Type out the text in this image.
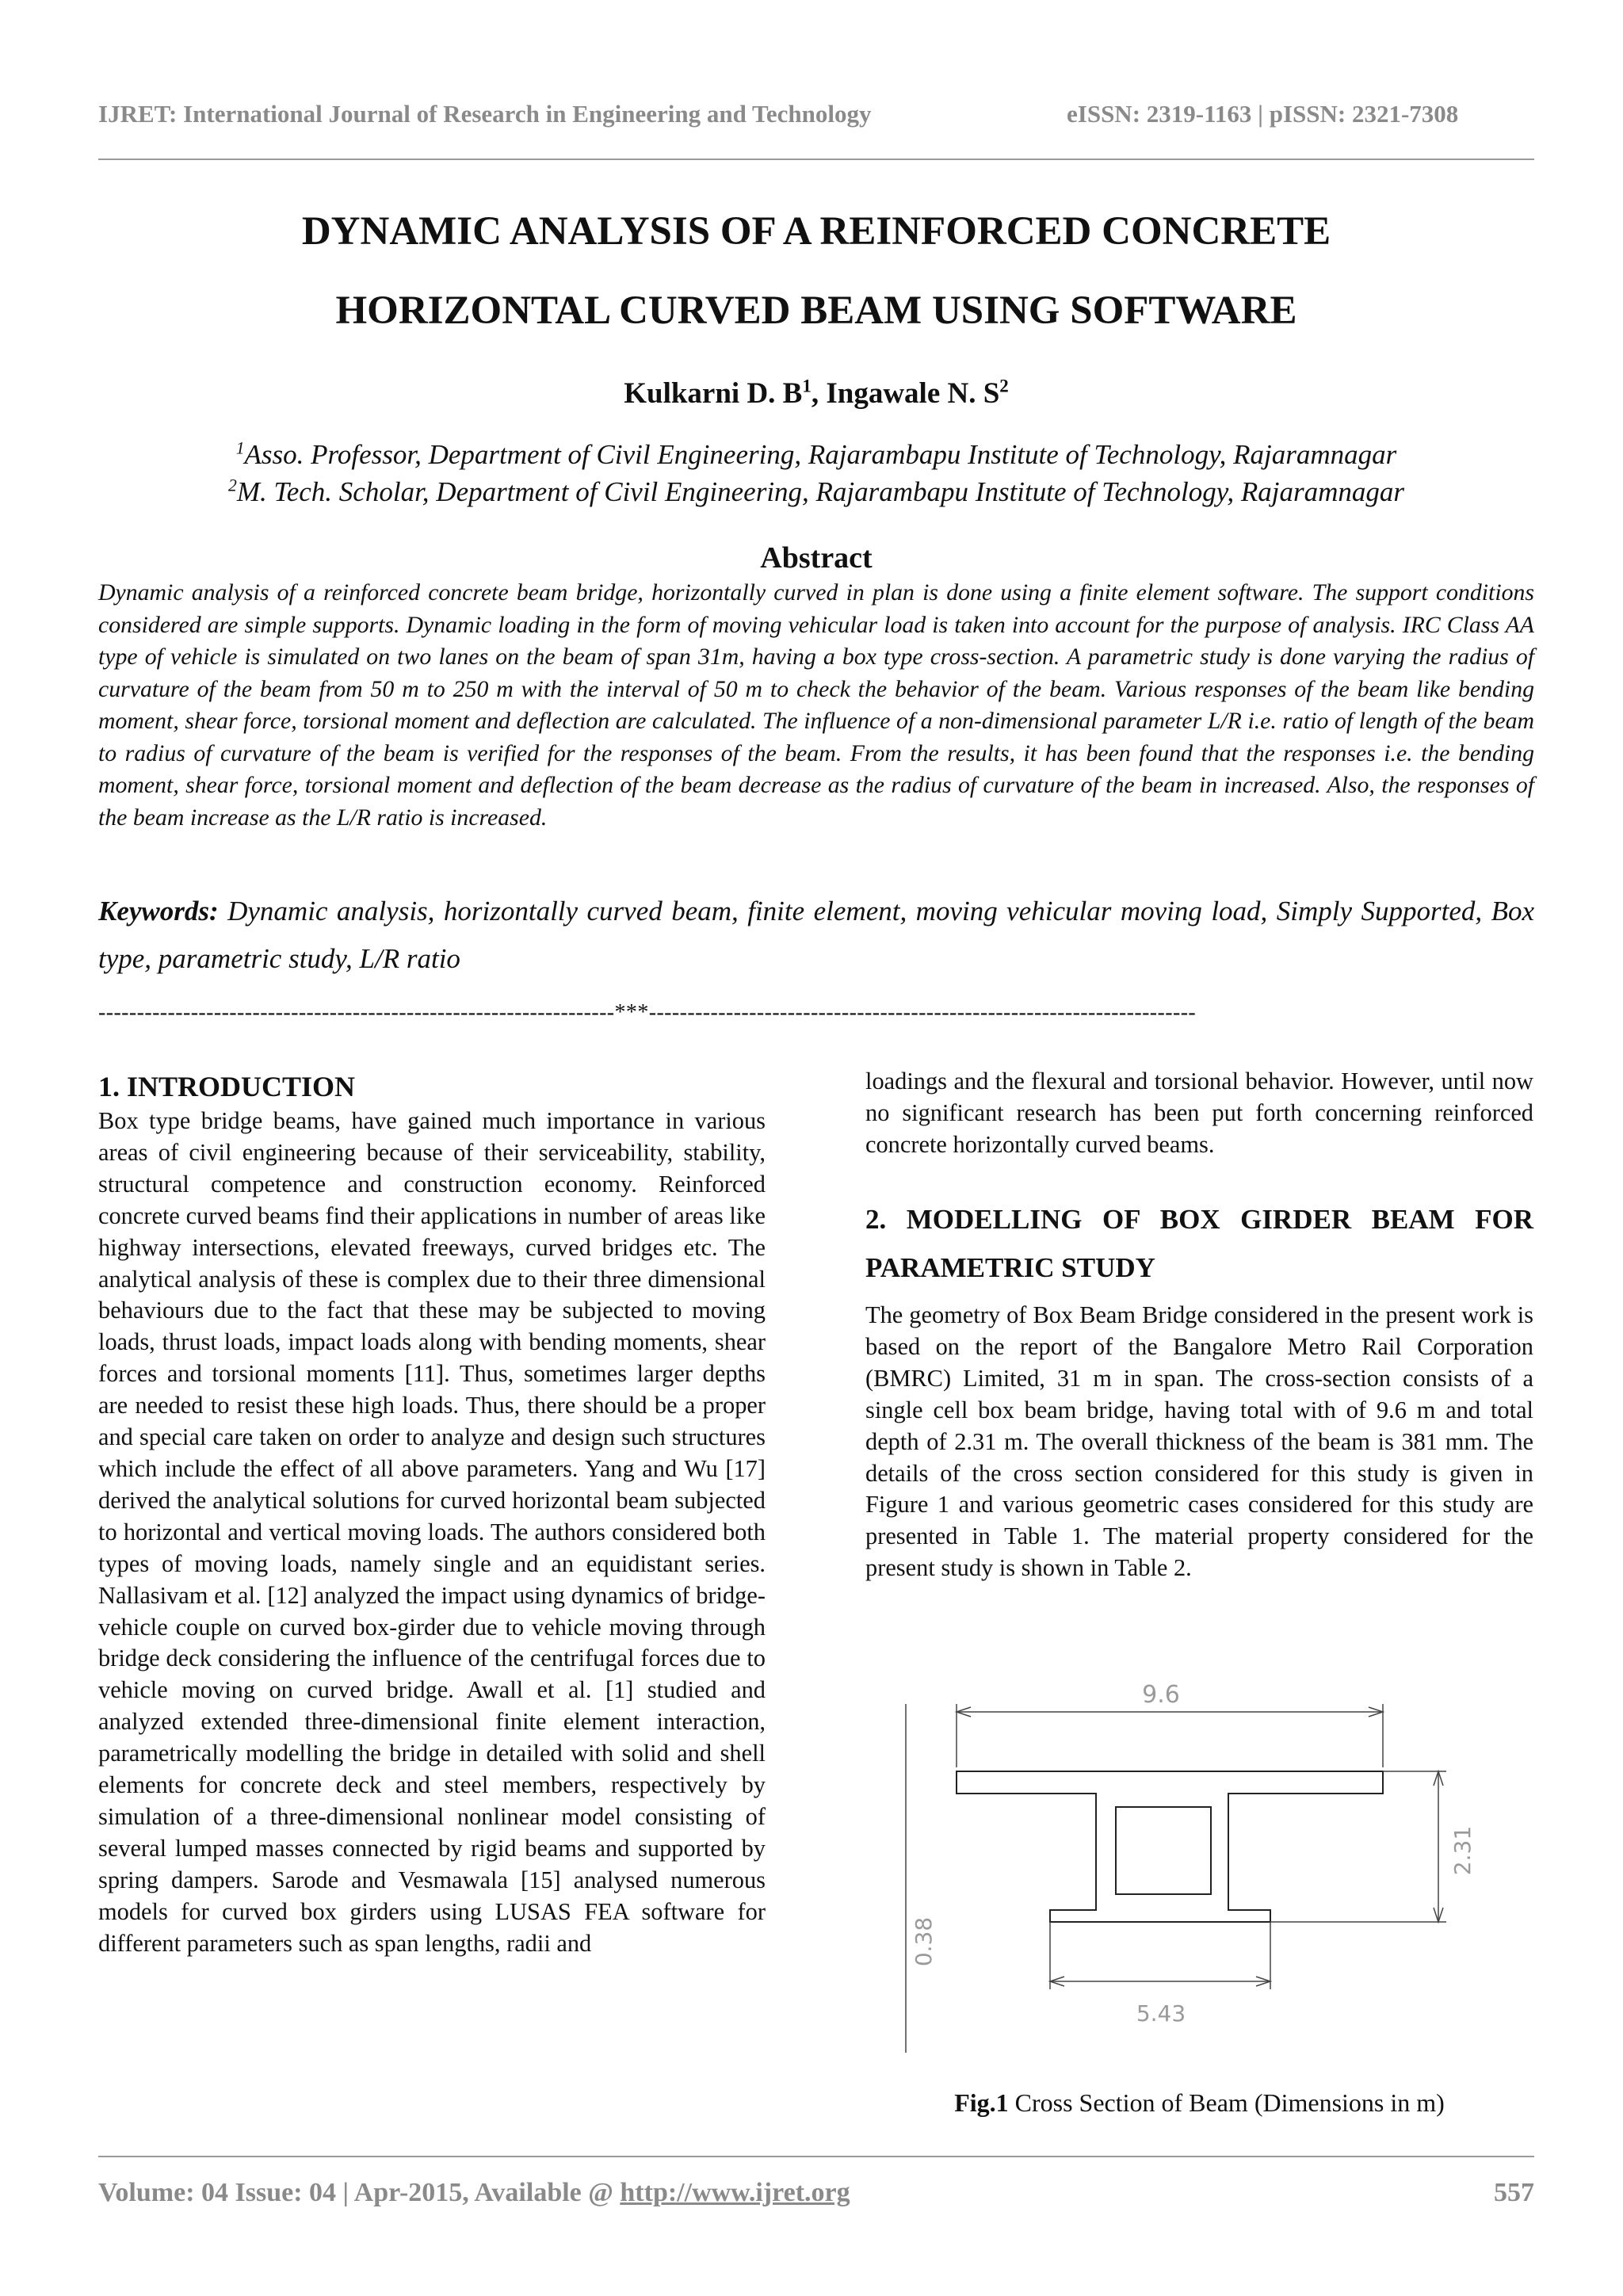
IJRET: International Journal of Research in Engineering and Technology	eISSN: 2319-1163 | pISSN: 2321-7308
DYNAMIC ANALYSIS OF A REINFORCED CONCRETE
HORIZONTAL CURVED BEAM USING SOFTWARE
Kulkarni D. $B^1$, Ingawale N. $S^2$
$^1$Asso. Professor, Department of Civil Engineering, Rajarambapu Institute of Technology, Rajaramnagar
$^2$M. Tech. Scholar, Department of Civil Engineering, Rajarambapu Institute of Technology, Rajaramnagar
Abstract
Dynamic analysis of a reinforced concrete beam bridge, horizontally curved in plan is done using a finite element software. The support conditions considered are simple supports. Dynamic loading in the form of moving vehicular load is taken into account for the purpose of analysis. IRC Class AA type of vehicle is simulated on two lanes on the beam of span 31m, having a box type cross-section. A parametric study is done varying the radius of curvature of the beam from 50 m to 250 m with the interval of 50 m to check the behavior of the beam. Various responses of the beam like bending moment, shear force, torsional moment and deflection are calculated. The influence of a non-dimensional parameter L/R i.e. ratio of length of the beam to radius of curvature of the beam is verified for the responses of the beam. From the results, it has been found that the responses i.e. the bending moment, shear force, torsional moment and deflection of the beam decrease as the radius of curvature of the beam in increased. Also, the responses of the beam increase as the L/R ratio is increased.
Keywords: Dynamic analysis, horizontally curved beam, finite element, moving vehicular moving load, Simply Supported, Box type, parametric study, L/R ratio
-------------------------------------------------------------------***-----------------------------------------------------------------------
1. INTRODUCTION
Box type bridge beams, have gained much importance in various areas of civil engineering because of their serviceability, stability, structural competence and construction economy. Reinforced concrete curved beams find their applications in number of areas like highway intersections, elevated freeways, curved bridges etc. The analytical analysis of these is complex due to their three dimensional behaviours due to the fact that these may be subjected to moving loads, thrust loads, impact loads along with bending moments, shear forces and torsional moments [11]. Thus, sometimes larger depths are needed to resist these high loads. Thus, there should be a proper and special care taken on order to analyze and design such structures which include the effect of all above parameters. Yang and Wu [17] derived the analytical solutions for curved horizontal beam subjected to horizontal and vertical moving loads. The authors considered both types of moving loads, namely single and an equidistant series. Nallasivam et al. [12] analyzed the impact using dynamics of bridge-vehicle couple on curved box-girder due to vehicle moving through bridge deck considering the influence of the centrifugal forces due to vehicle moving on curved bridge. Awall et al. [1] studied and analyzed extended three-dimensional finite element interaction, parametrically modelling the bridge in detailed with solid and shell elements for concrete deck and steel members, respectively by simulation of a three-dimensional nonlinear model consisting of several lumped masses connected by rigid beams and supported by spring dampers. Sarode and Vesmawala [15] analysed numerous models for curved box girders using LUSAS FEA software for different parameters such as span lengths, radii and
loadings and the flexural and torsional behavior. However, until now no significant research has been put forth concerning reinforced concrete horizontally curved beams.
2. MODELLING OF BOX GIRDER BEAM FOR
PARAMETRIC STUDY
The geometry of Box Beam Bridge considered in the present work is based on the report of the Bangalore Metro Rail Corporation (BMRC) Limited, 31 m in span. The cross-section consists of a single cell box beam bridge, having total with of 9.6 m and total depth of 2.31 m. The overall thickness of the beam is 381 mm. The details of the cross section considered for this study is given in Figure 1 and various geometric cases considered for this study are presented in Table 1. The material property considered for the present study is shown in Table 2.
9.6
2.31
0.38
5.43
Fig.1 Cross Section of Beam (Dimensions in m)
Volume: 04 Issue: 04 | Apr-2015, Available @ http://www.ijret.org	557
